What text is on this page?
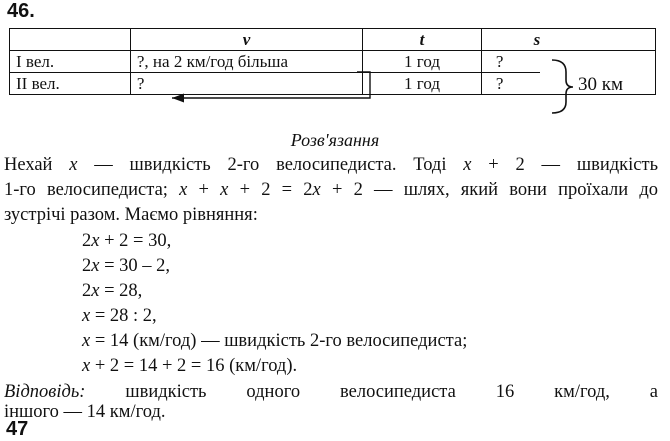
46.
	v	t	s	
І вел.	?, на 2 км/год більша	1 год	?	
ІІ вел.	?	1 год	?		30 км
Розв'язання
Нехай x — швидкість 2-го велосипедиста. Тоді x + 2 — швидкість
1-го велосипедиста; x + x + 2 = 2x + 2 — шлях, який вони проїхали до
зустрічі разом. Маємо рівняння:
2x + 2 = 30,
2x = 30 – 2,
2x = 28,
x = 28 : 2,
x = 14 (км/год) — швидкість 2-го велосипедиста;
x + 2 = 14 + 2 = 16 (км/год).
Відповідь: швидкість одного велосипедиста 16 км/год, а
іншого — 14 км/год.
47
